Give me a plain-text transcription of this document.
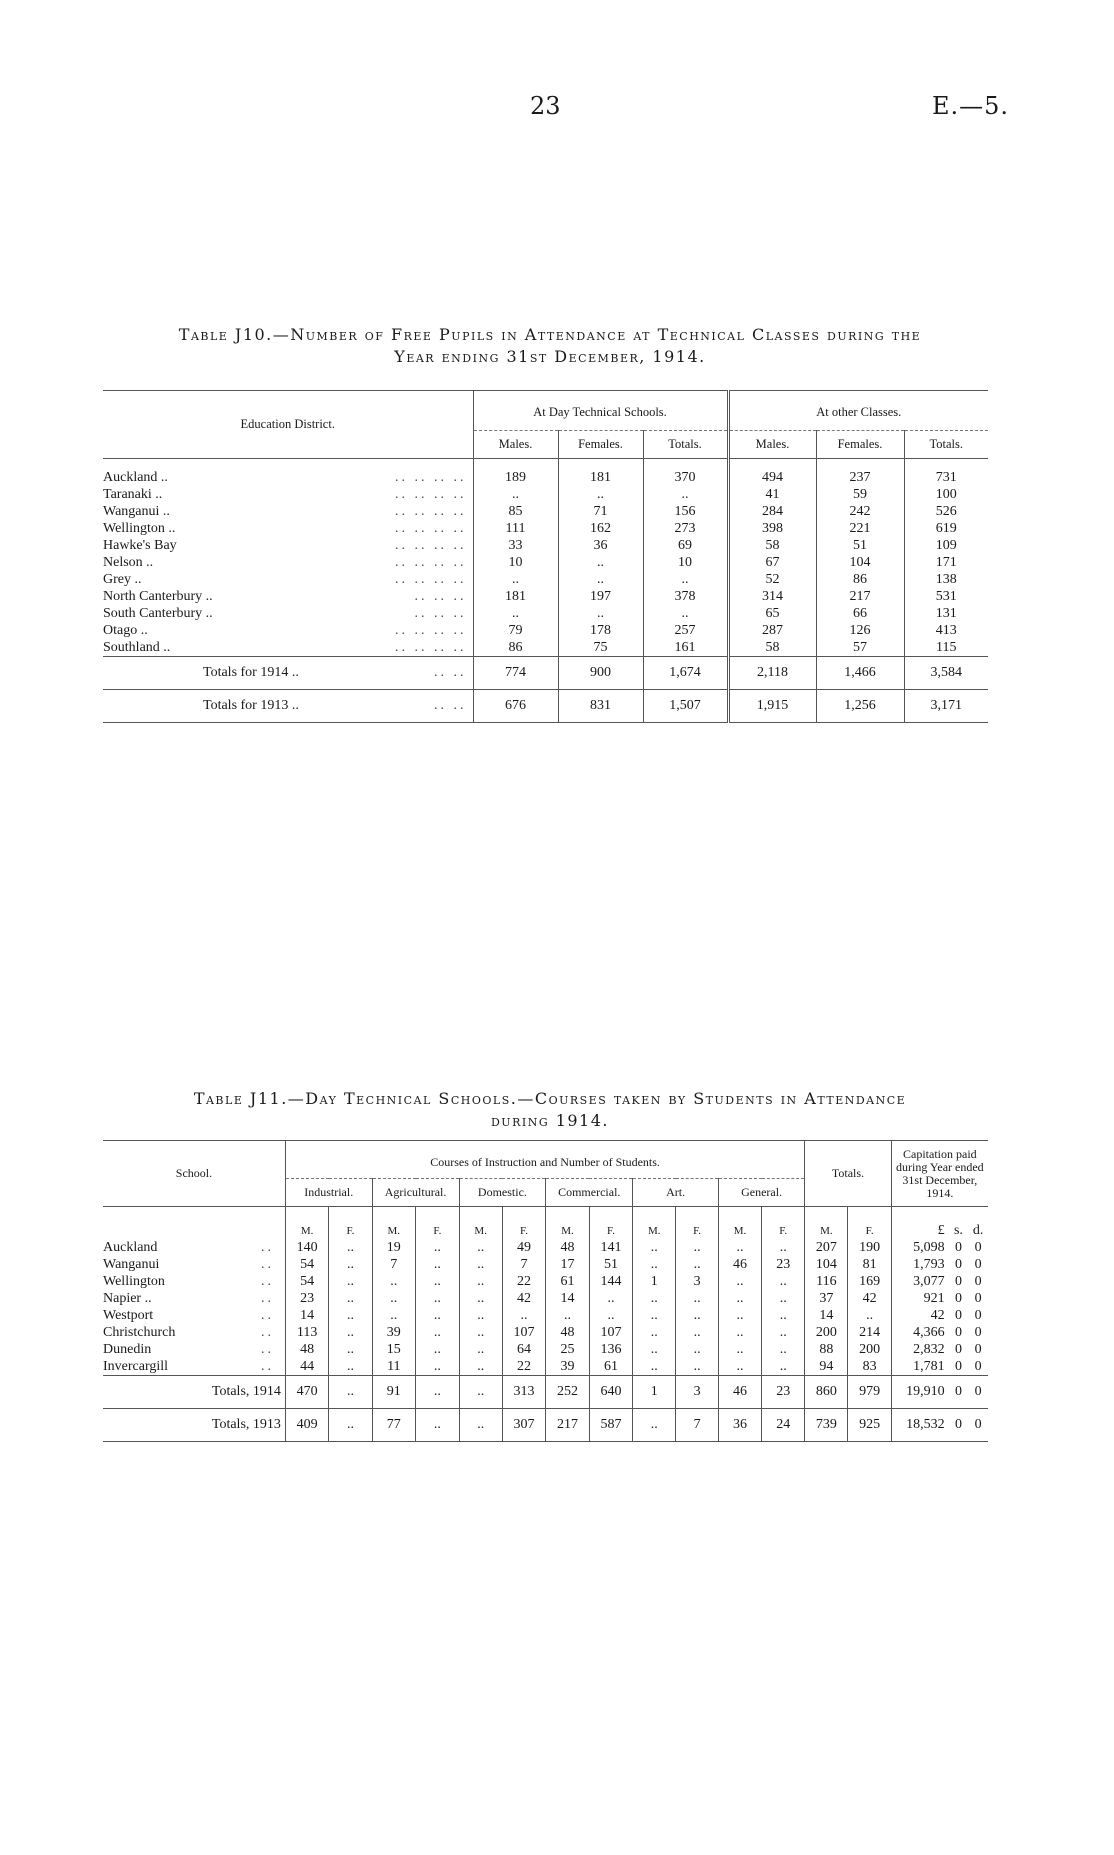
23	E.—5.
Table J10.—Number of Free Pupils in Attendance at Technical Classes during the
Year ending 31st December, 1914.
Education District.	At Day Technical Schools.			At other Classes.		
	Males.	Females.	Totals.	Males.	Females.	Totals.

Auckland .. .. .. .. ..	189	181	370	494	237	731
Taranaki .. .. .. .. ..	..	..	..	41	59	100
Wanganui .. .. .. .. ..	85	71	156	284	242	526
Wellington .. .. .. .. ..	111	162	273	398	221	619
Hawke's Bay .. .. .. ..	33	36	69	58	51	109
Nelson .. .. .. .. ..	10	..	10	67	104	171
Grey .. .. .. .. ..	..	..	..	52	86	138
North Canterbury .. .. .. ..	181	197	378	314	217	531
South Canterbury .. .. .. ..	..	..	..	65	66	131
Otago .. .. .. .. ..	79	178	257	287	126	413
Southland .. .. .. .. ..	86	75	161	58	57	115
Totals for 1914 .. .. ..	774	900	1,674	2,118	1,466	3,584
Totals for 1913 .. .. ..	676	831	1,507	1,915	1,256	3,171
Table J11.—Day Technical Schools.—Courses taken by Students in Attendance
during 1914.
School.		Courses of Instruction and Number of Students.												Totals.		Capitation paid during Year ended 31st December, 1914.		
		Industrial.		Agricultural.		Domestic.		Commercial.		Art.		General.						
		M.	F.	M.	F.	M.	F.	M.	F.	M.	F.	M.	F.	M.	F.	£	s.	d.
Auckland	..	140	..	19	..	..	49	48	141	..	..	..	..	207	190	5,098	0	0
Wanganui	..	54	..	7	..	..	7	17	51	..	..	46	23	104	81	1,793	0	0
Wellington	..	54	..	..	..	..	22	61	144	1	3	..	..	116	169	3,077	0	0
Napier ..	..	23	..	..	..	..	42	14	..	..	..	..	..	37	42	921	0	0
Westport	..	14	..	..	..	..	..	..	..	..	..	..	..	14	..	42	0	0
Christchurch	..	113	..	39	..	..	107	48	107	..	..	..	..	200	214	4,366	0	0
Dunedin	..	48	..	15	..	..	64	25	136	..	..	..	..	88	200	2,832	0	0
Invercargill	..	44	..	11	..	..	22	39	61	..	..	..	..	94	83	1,781	0	0
Totals, 1914		470	..	91	..	..	313	252	640	1	3	46	23	860	979	19,910	0	0
Totals, 1913		409	..	77	..	..	307	217	587	..	7	36	24	739	925	18,532	0	0
